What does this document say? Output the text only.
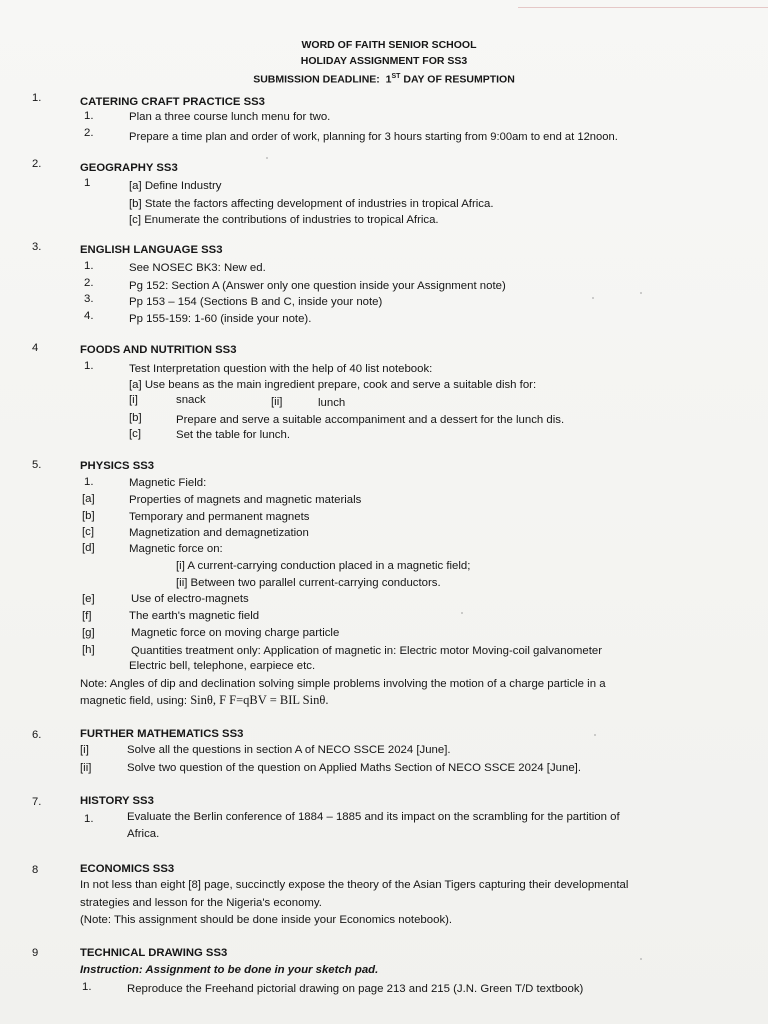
WORD OF FAITH SENIOR SCHOOL
HOLIDAY ASSIGNMENT FOR SS3
SUBMISSION DEADLINE: 1ST DAY OF RESUMPTION
1.	CATERING CRAFT PRACTICE SS3
1.	Plan a three course lunch menu for two.
2.	Prepare a time plan and order of work, planning for 3 hours starting from 9:00am to end at 12noon.
2.	GEOGRAPHY SS3
1	[a] Define Industry
[b] State the factors affecting development of industries in tropical Africa.
[c] Enumerate the contributions of industries to tropical Africa.
3.	ENGLISH LANGUAGE SS3
1.	See NOSEC BK3: New ed.
2.	Pg 152: Section A (Answer only one question inside your Assignment note)
3.	Pp 153 – 154 (Sections B and C, inside your note)
4.	Pp 155-159: 1-60 (inside your note).
4	FOODS AND NUTRITION SS3
1.	Test Interpretation question with the help of 40 list notebook:
[a] Use beans as the main ingredient prepare, cook and serve a suitable dish for:
[i]	snack	[ii]	lunch
[b]	Prepare and serve a suitable accompaniment and a dessert for the lunch dis.
[c]	Set the table for lunch.
5.	PHYSICS SS3
1.	Magnetic Field:
[a]	Properties of magnets and magnetic materials
[b]	Temporary and permanent magnets
[c]	Magnetization and demagnetization
[d]	Magnetic force on:
[i] A current-carrying conduction placed in a magnetic field;
[ii] Between two parallel current-carrying conductors.
[e]	Use of electro-magnets
[f]	The earth's magnetic field
[g]	Magnetic force on moving charge particle
[h]	Quantities treatment only: Application of magnetic in: Electric motor Moving-coil galvanometer
Electric bell, telephone, earpiece etc.
Note: Angles of dip and declination solving simple problems involving the motion of a charge particle in a
magnetic field, using: Sinθ, F F=qBV = BIL Sinθ.
6.	FURTHER MATHEMATICS SS3
[i]	Solve all the questions in section A of NECO SSCE 2024 [June].
[ii]	Solve two question of the question on Applied Maths Section of NECO SSCE 2024 [June].
7.	HISTORY SS3
1.	Evaluate the Berlin conference of 1884 – 1885 and its impact on the scrambling for the partition of
Africa.
8	ECONOMICS SS3
In not less than eight [8] page, succinctly expose the theory of the Asian Tigers capturing their developmental
strategies and lesson for the Nigeria's economy.
(Note: This assignment should be done inside your Economics notebook).
9	TECHNICAL DRAWING SS3
Instruction: Assignment to be done in your sketch pad.
1.	Reproduce the Freehand pictorial drawing on page 213 and 215 (J.N. Green T/D textbook)
